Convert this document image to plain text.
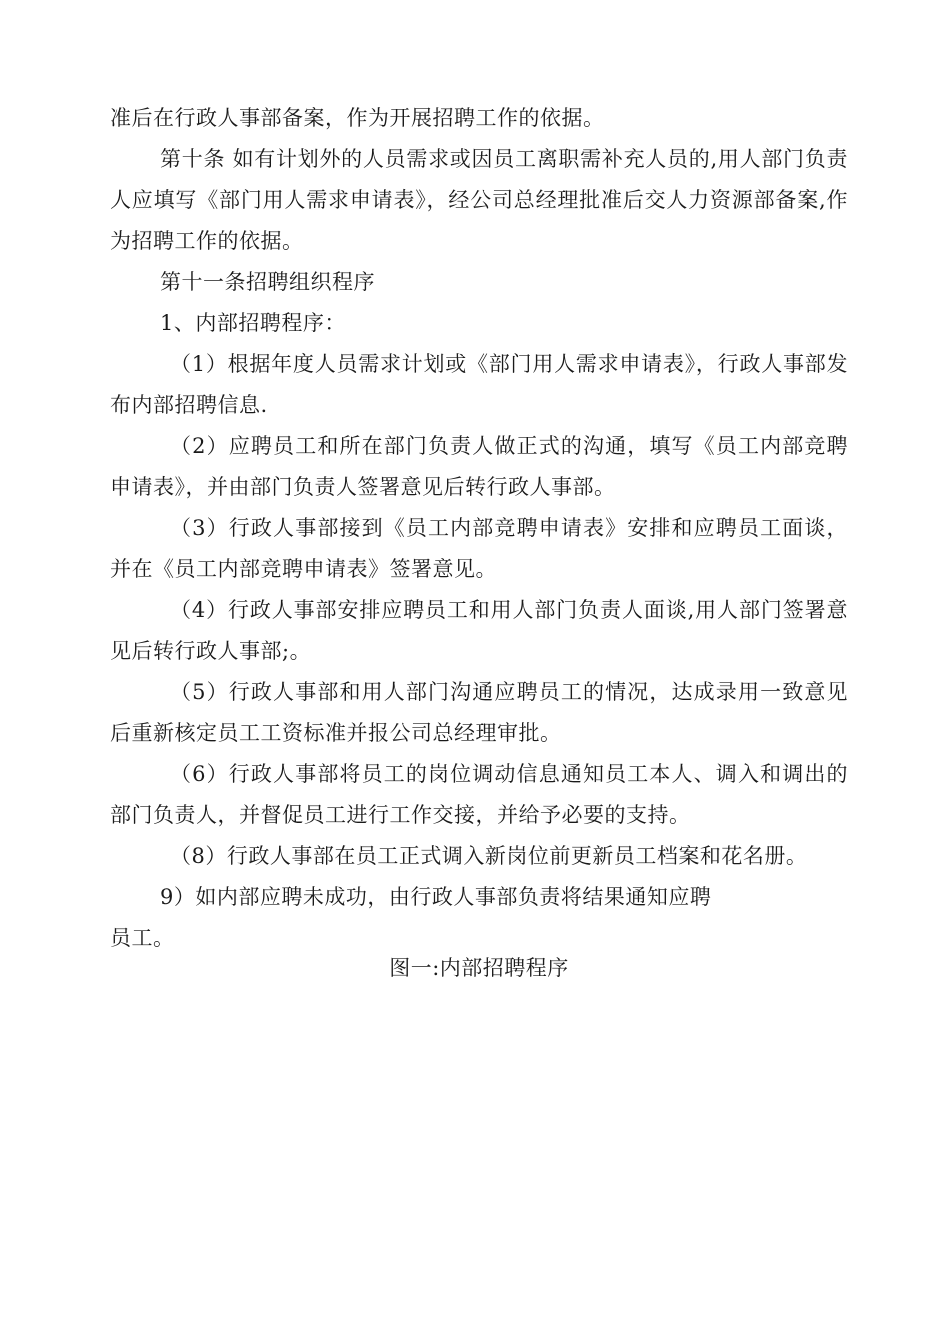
准后在行政人事部备案，作为开展招聘工作的依据。

第十条 如有计划外的人员需求或因员工离职需补充人员的,用人部门负责人应填写《部门用人需求申请表》，经公司总经理批准后交人力资源部备案,作为招聘工作的依据。

第十一条招聘组织程序

1、内部招聘程序：

（1）根据年度人员需求计划或《部门用人需求申请表》，行政人事部发布内部招聘信息.

（2）应聘员工和所在部门负责人做正式的沟通，填写《员工内部竞聘申请表》，并由部门负责人签署意见后转行政人事部。

（3）行政人事部接到《员工内部竞聘申请表》安排和应聘员工面谈，并在《员工内部竞聘申请表》签署意见。

（4）行政人事部安排应聘员工和用人部门负责人面谈,用人部门签署意见后转行政人事部;。

（5）行政人事部和用人部门沟通应聘员工的情况，达成录用一致意见后重新核定员工工资标准并报公司总经理审批。

（6）行政人事部将员工的岗位调动信息通知员工本人、调入和调出的部门负责人，并督促员工进行工作交接，并给予必要的支持。

（8）行政人事部在员工正式调入新岗位前更新员工档案和花名册。

9）如内部应聘未成功，由行政人事部负责将结果通知应聘

员工。

图一:内部招聘程序
